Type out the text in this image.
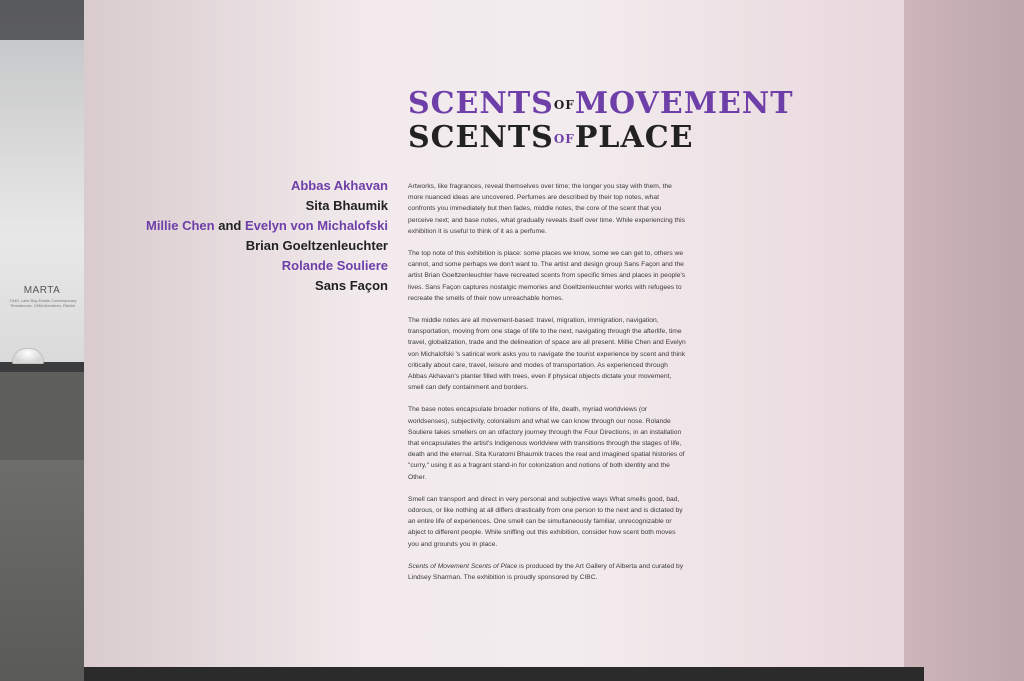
MARTA
1945, Lake Bay Estate Contemporary Residences, 1988 Aberdeen, Ritchie
SCENTSOFMOVEMENT
SCENTSOFPLACE
Abbas Akhavan
Sita Bhaumik
Millie Chen and Evelyn von Michalofski
Brian Goeltzenleuchter
Rolande Souliere
Sans Façon

Artworks, like fragrances, reveal themselves over time; the longer you stay with them, the more nuanced ideas are uncovered. Perfumes are described by their top notes, what confronts you immediately but then fades, middle notes, the core of the scent that you perceive next; and base notes, what gradually reveals itself over time. While experiencing this exhibition it is useful to think of it as a perfume.

The top note of this exhibition is place: some places we know, some we can get to, others we cannot, and some perhaps we don't want to. The artist and design group Sans Façon and the artist Brian Goeltzenleuchter have recreated scents from specific times and places in people's lives. Sans Façon captures nostalgic memories and Goeltzenleuchter works with refugees to recreate the smells of their now unreachable homes.

The middle notes are all movement-based: travel, migration, immigration, navigation, transportation, moving from one stage of life to the next, navigating through the afterlife, time travel, globalization, trade and the delineation of space are all present. Millie Chen and Evelyn von Michalofski 's satirical work asks you to navigate the tourist experience by scent and think critically about care, travel, leisure and modes of transportation. As experienced through Abbas Akhavan's planter filled with trees, even if physical objects dictate your movement, smell can defy containment and borders.

The base notes encapsulate broader notions of life, death, myriad worldviews (or worldsenses), subjectivity, colonialism and what we can know through our nose. Rolande Souliere takes smellers on an olfactory journey through the Four Directions, in an installation that encapsulates the artist's Indigenous worldview with transitions through the stages of life, death and the eternal. Sita Kuratomi Bhaumik traces the real and imagined spatial histories of "curry," using it as a fragrant stand-in for colonization and notions of both identity and the Other.

Smell can transport and direct in very personal and subjective ways What smells good, bad, odorous, or like nothing at all differs drastically from one person to the next and is dictated by an entire life of experiences. One smell can be simultaneously familiar, unrecognizable or abject to different people. While sniffing out this exhibition, consider how scent both moves you and grounds you in place.

Scents of Movement Scents of Place is produced by the Art Gallery of Alberta and curated by Lindsey Sharman. The exhibition is proudly sponsored by CIBC.
